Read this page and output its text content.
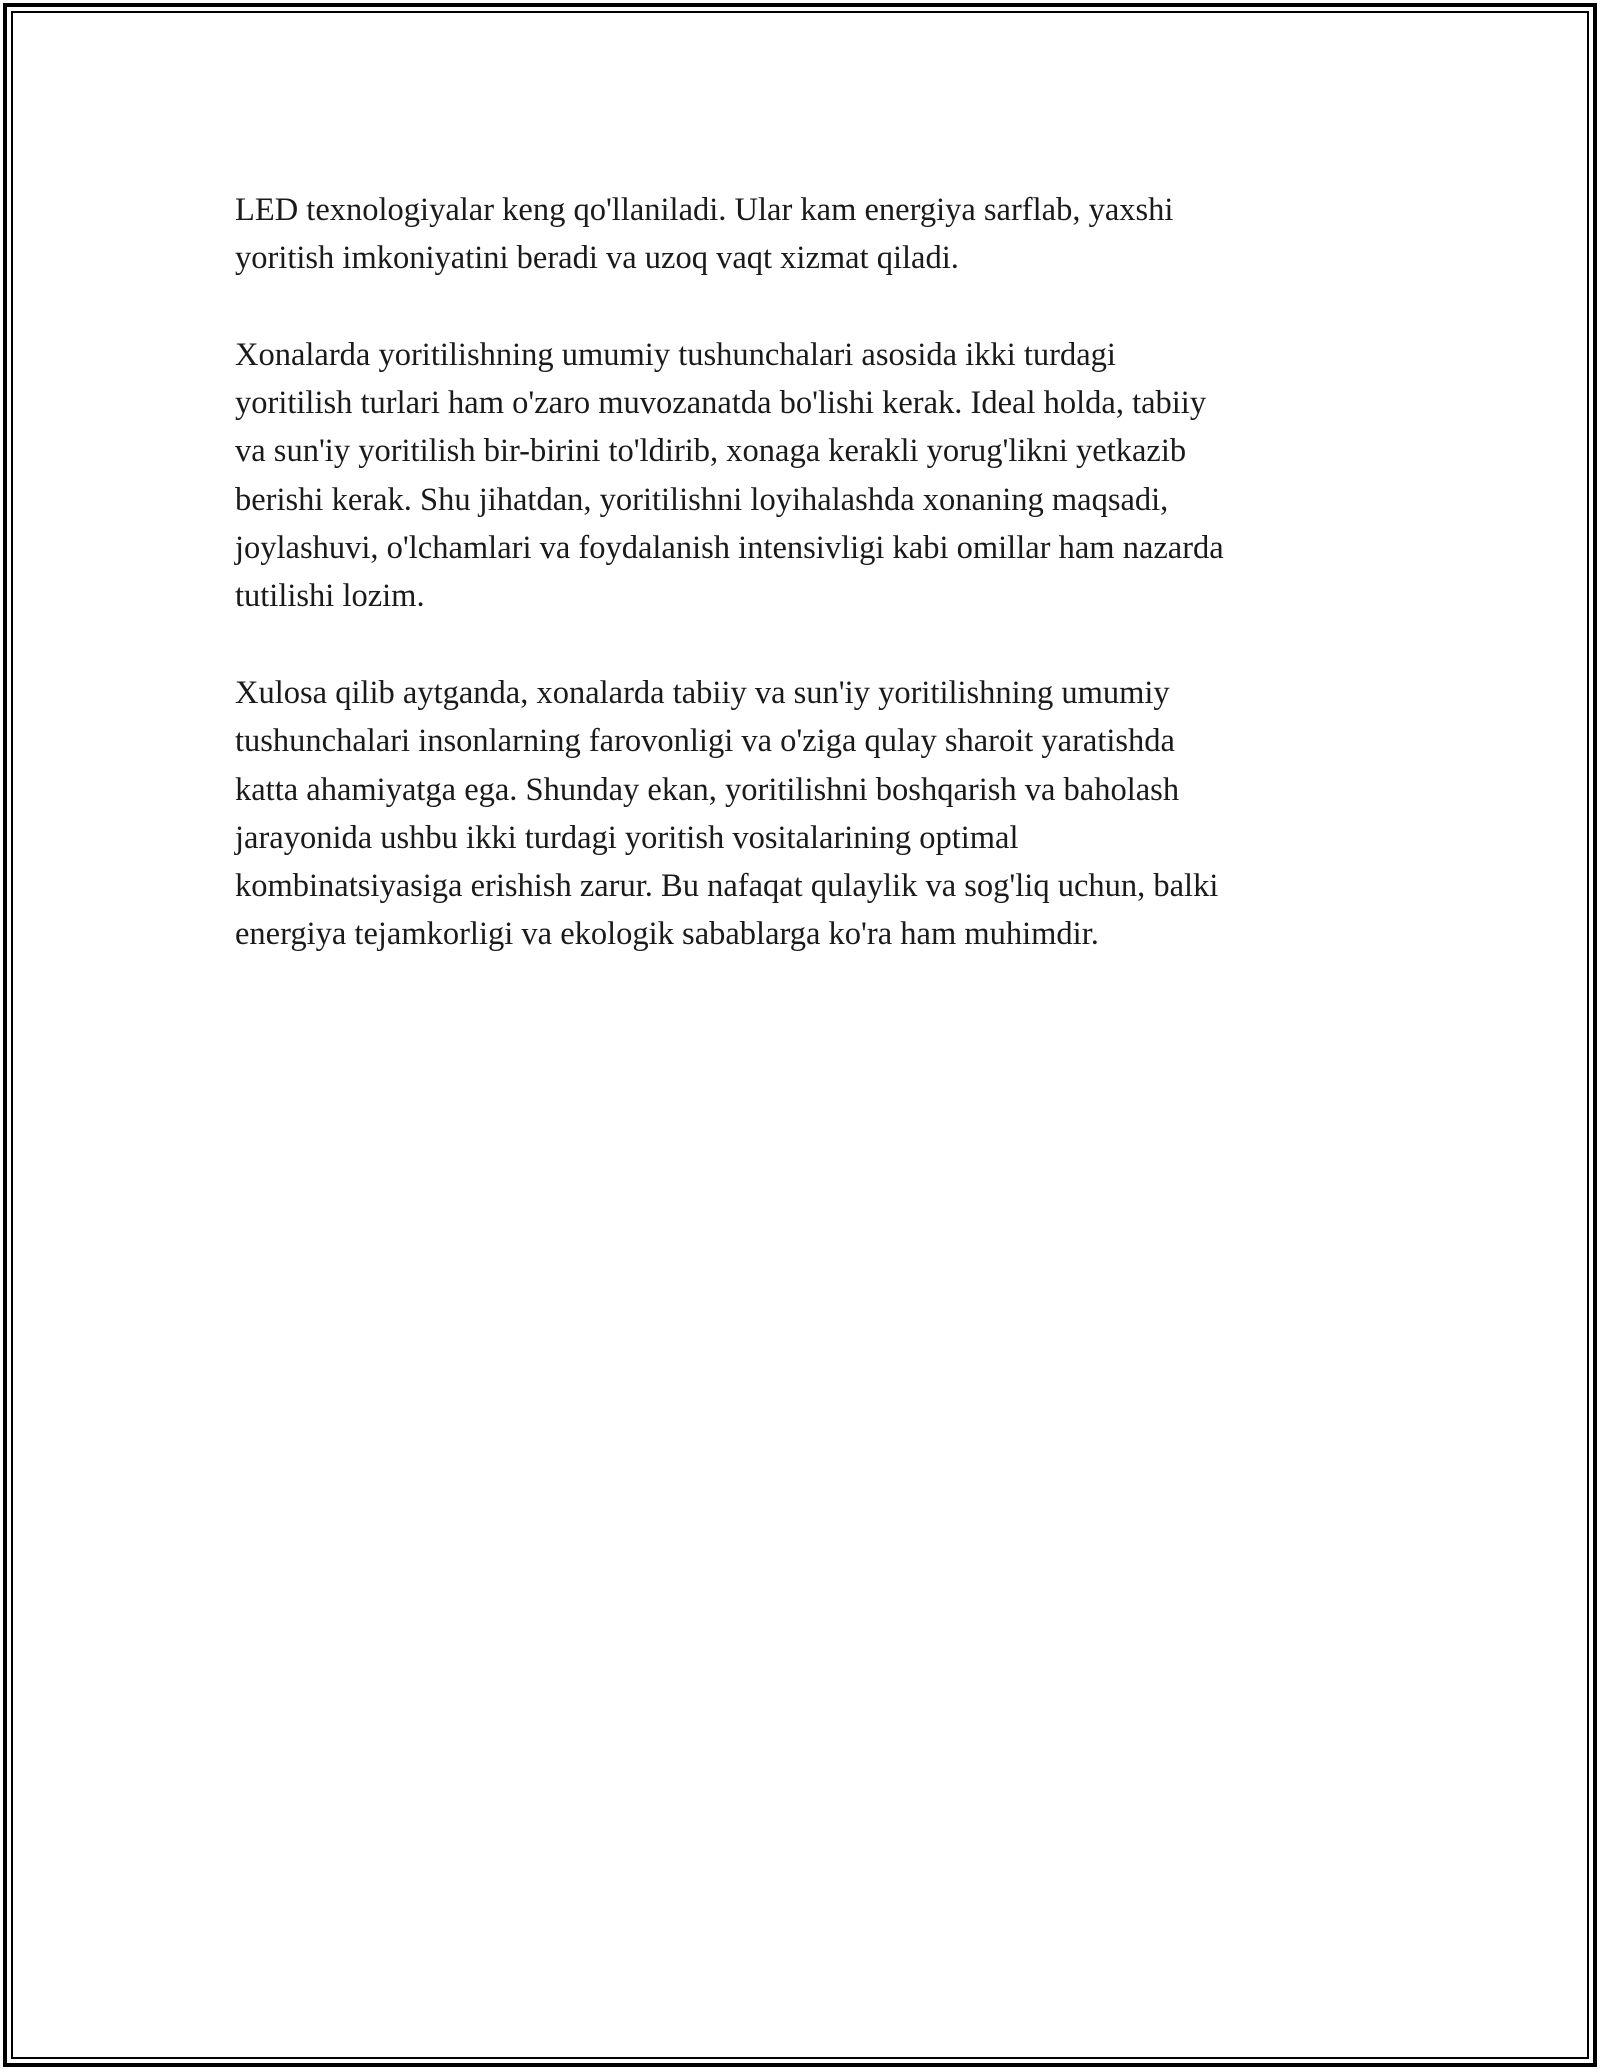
LED texnologiyalar keng qo'llaniladi. Ular kam energiya sarflab, yaxshi
yoritish imkoniyatini beradi va uzoq vaqt xizmat qiladi.

Xonalarda yoritilishning umumiy tushunchalari asosida ikki turdagi
yoritilish turlari ham o'zaro muvozanatda bo'lishi kerak. Ideal holda, tabiiy
va sun'iy yoritilish bir-birini to'ldirib, xonaga kerakli yorug'likni yetkazib
berishi kerak. Shu jihatdan, yoritilishni loyihalashda xonaning maqsadi,
joylashuvi, o'lchamlari va foydalanish intensivligi kabi omillar ham nazarda
tutilishi lozim.

Xulosa qilib aytganda, xonalarda tabiiy va sun'iy yoritilishning umumiy
tushunchalari insonlarning farovonligi va o'ziga qulay sharoit yaratishda
katta ahamiyatga ega. Shunday ekan, yoritilishni boshqarish va baholash
jarayonida ushbu ikki turdagi yoritish vositalarining optimal
kombinatsiyasiga erishish zarur. Bu nafaqat qulaylik va sog'liq uchun, balki
energiya tejamkorligi va ekologik sabablarga ko'ra ham muhimdir.
